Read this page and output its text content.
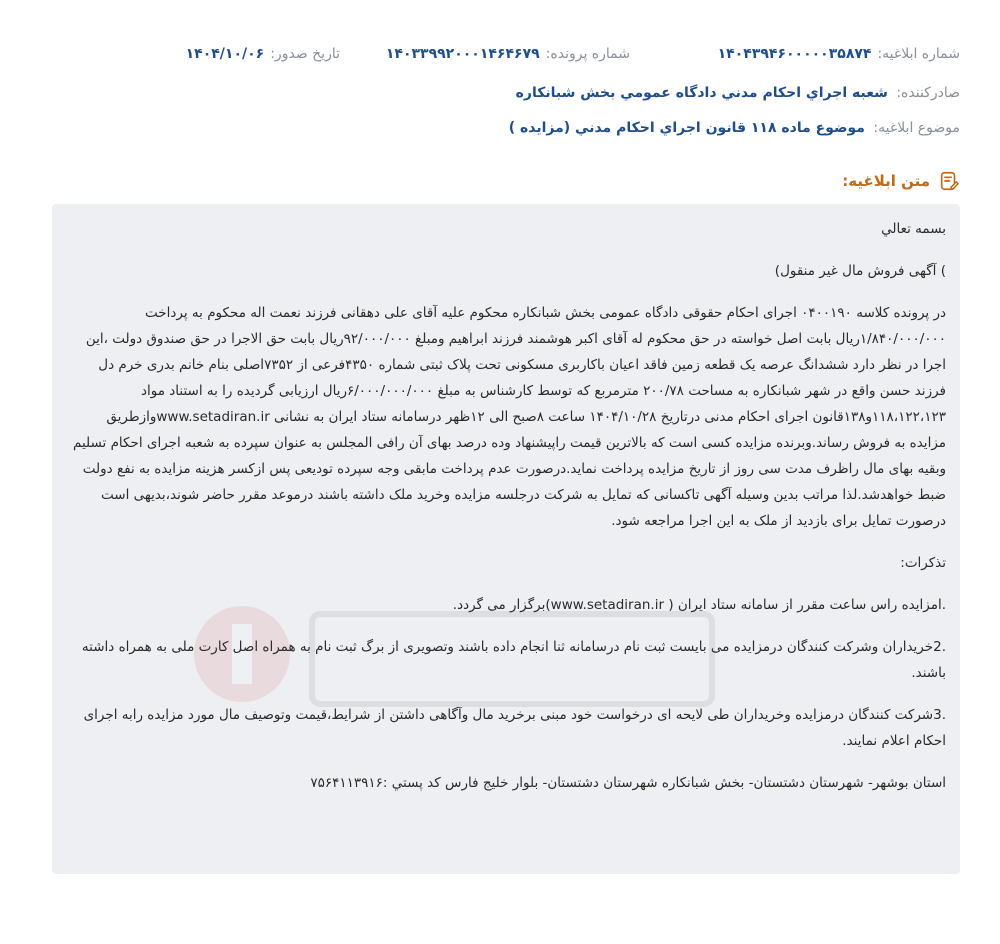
شماره ابلاغیه:
۱۴۰۴۳۹۴۶۰۰۰۰۰۳۵۸۷۴
شماره پرونده:
۱۴۰۳۳۹۹۲۰۰۰۱۴۶۴۶۷۹
تاریخ صدور:
۱۴۰۴/۱۰/۰۶
صادرکننده: شعبه اجراي احکام مدني دادگاه عمومي بخش شبانکاره
موضوع ابلاغیه: موضوع ماده ۱۱۸ قانون اجراي احکام مدني (مزايده )
متن ابلاغیه:

بسمه تعالي

) آگهی فروش مال غیر منقول)

در پرونده کلاسه ۰۴۰۰۱۹۰ اجرای احکام حقوقی دادگاه عمومی بخش شبانکاره محکوم علیه آقای علی دهقانی فرزند نعمت اله محکوم به پرداخت ۱/۸۴۰/۰۰۰/۰۰۰ریال بابت اصل خواسته در حق محکوم له آقای اکبر هوشمند فرزند ابراهیم ومبلغ ۹۲/۰۰۰/۰۰۰ریال بابت حق الاجرا در حق صندوق دولت ،این اجرا در نظر دارد ششدانگ عرصه یک قطعه زمین فاقد اعیان باکاربری مسکونی تحت پلاک ثبتی شماره ۴۳۵۰فرعی از ۷۳۵۲اصلی بنام خانم بدری خرم دل فرزند حسن واقع در شهر شبانکاره به مساحت ۲۰۰/۷۸ مترمربع که توسط کارشناس به مبلغ ۶/۰۰۰/۰۰۰/۰۰۰ریال ارزیابی گردیده را به استناد مواد ۱۱۸،۱۲۲،۱۲۳و۱۳۸قانون اجرای احکام مدنی درتاریخ ۱۴۰۴/۱۰/۲۸ ساعت ۸صبح الی ۱۲ظهر درسامانه ستاد ایران به نشانی www.setadiran.irوازطریق مزایده به فروش رساند.وبرنده مزایده کسی است که بالاترین قیمت راپیشنهاد وده درصد بهای آن رافی المجلس به عنوان سپرده به شعبه اجرای احکام تسلیم وبقیه بهای مال راظرف مدت سی روز از تاریخ مزایده پرداخت نماید.درصورت عدم پرداخت مابقی وجه سپرده تودیعی پس ازکسر هزینه مزایده به نفع دولت ضبط خواهدشد.لذا مراتب بدین وسیله آگهی تاکسانی که تمایل به شرکت درجلسه مزایده وخرید ملک داشته باشند درموعد مقرر حاضر شوند،بدیهی است درصورت تمایل برای بازدید از ملک به این اجرا مراجعه شود.

تذکرات:

.امزایده راس ساعت مقرر از سامانه ستاد ایران ( www.setadiran.ir)برگزار می گردد.

.2خریداران وشرکت کنندگان درمزایده می بایست ثبت نام درسامانه ثنا انجام داده باشند وتصویری از برگ ثبت نام به همراه اصل کارت ملی به همراه داشته باشند.

.3شرکت کنندگان درمزایده وخریداران طی لایحه ای درخواست خود مبنی برخرید مال وآگاهی داشتن از شرایط،قیمت وتوصیف مال مورد مزایده رابه اجرای احکام اعلام نمایند.

استان بوشهر- شهرستان دشتستان- بخش شبانکاره شهرستان دشتستان- بلوار خلیج فارس کد پستي :۷۵۶۴۱۱۳۹۱۶
